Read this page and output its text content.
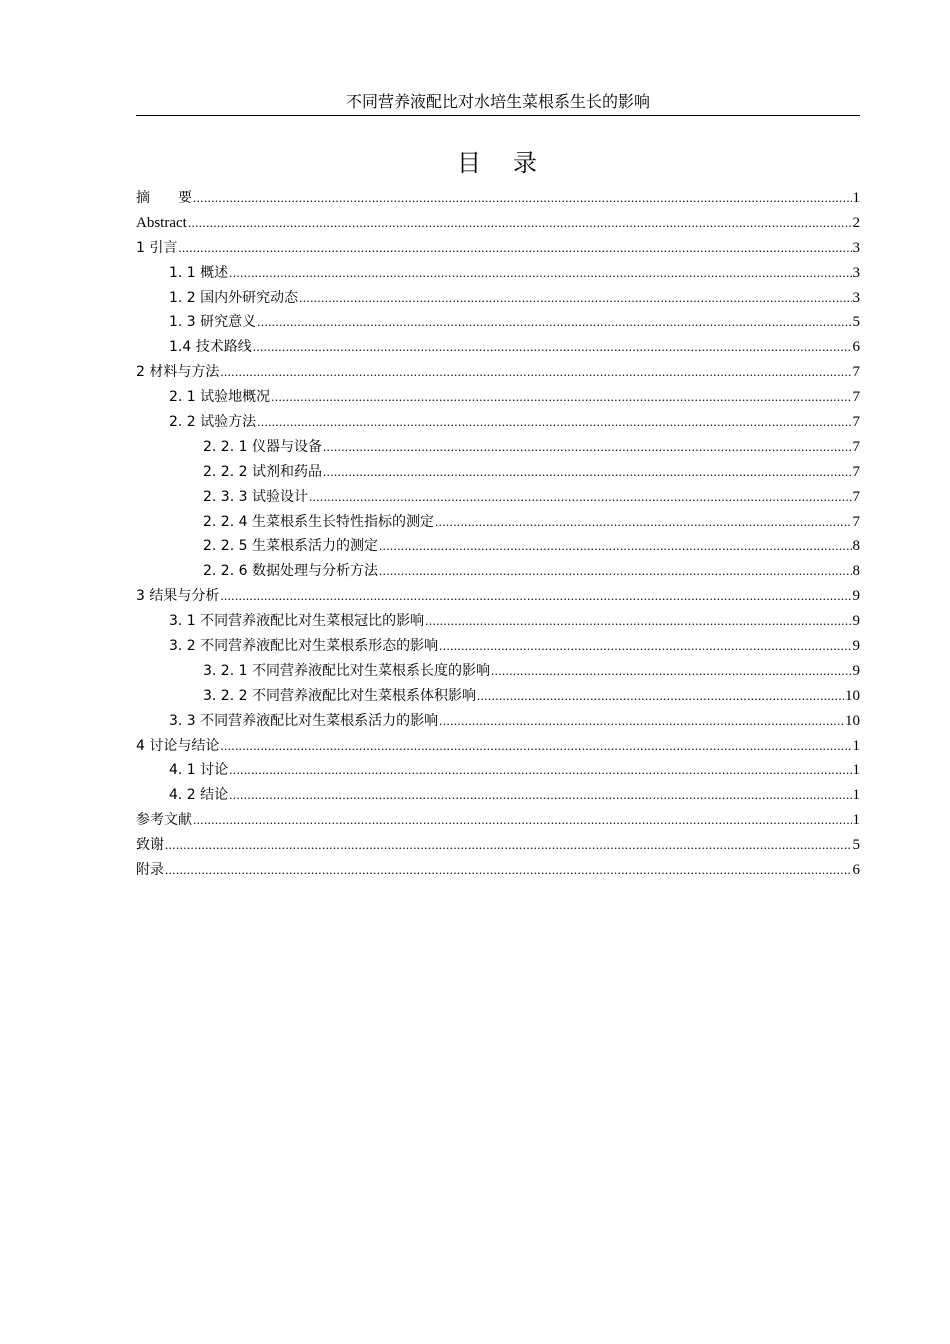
不同营养液配比对水培生菜根系生长的影响
目 录
摘　　要 .....	1
Abstract .....	2
1 引言 .....	3
1. 1 概述 .....	3
1. 2 国内外研究动态 .....	3
1. 3 研究意义 .....	5
1.4 技术路线 .....	6
2 材料与方法 .....	7
2. 1 试验地概况 .....	7
2. 2 试验方法 .....	7
2. 2. 1 仪器与设备 .....	7
2. 2. 2 试剂和药品 .....	7
2. 3. 3 试验设计 .....	7
2. 2. 4 生菜根系生长特性指标的测定 .....	7
2. 2. 5 生菜根系活力的测定 .....	8
2. 2. 6 数据处理与分析方法 .....	8
3 结果与分析 .....	9
3. 1 不同营养液配比对生菜根冠比的影响 .....	9
3. 2 不同营养液配比对生菜根系形态的影响 .....	9
3. 2. 1 不同营养液配比对生菜根系长度的影响 .....	9
3. 2. 2 不同营养液配比对生菜根系体积影响 .....	10
3. 3 不同营养液配比对生菜根系活力的影响 .....	10
4 讨论与结论 .....	1
4. 1 讨论 .....	1
4. 2 结论 .....	1
参考文献 .....	1
致谢 .....	5
附录 .....	6
